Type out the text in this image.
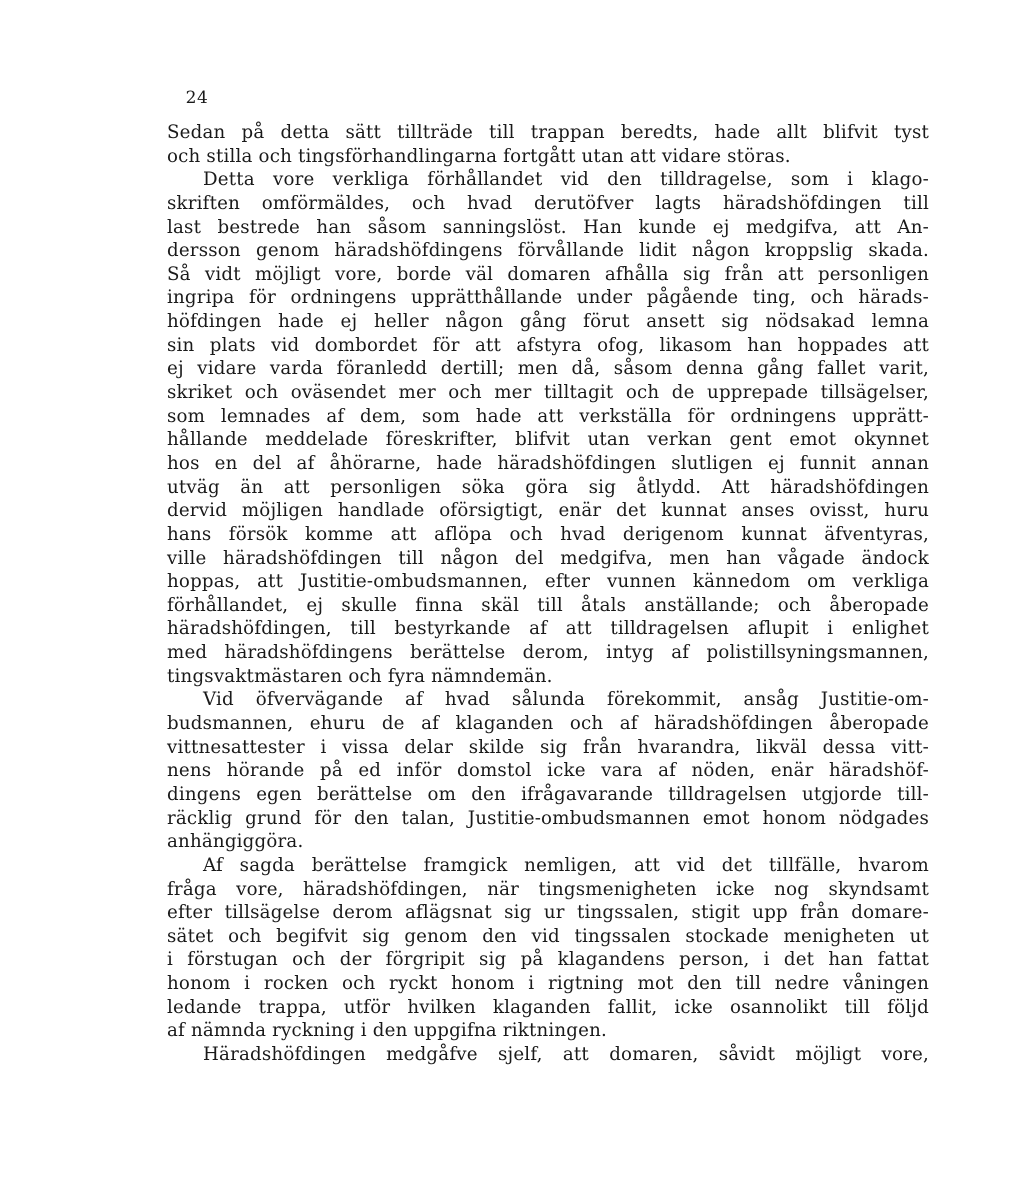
24
Sedan på detta sätt tillträde till trappan beredts, hade allt blifvit tyst
och stilla och tingsförhandlingarna fortgått utan att vidare störas.
Detta vore verkliga förhållandet vid den tilldragelse, som i klago-
skriften omförmäldes, och hvad derutöfver lagts häradshöfdingen till
last bestrede han såsom sanningslöst. Han kunde ej medgifva, att An-
dersson genom häradshöfdingens förvållande lidit någon kroppslig skada.
Så vidt möjligt vore, borde väl domaren afhålla sig från att personligen
ingripa för ordningens upprätthållande under pågående ting, och härads-
höfdingen hade ej heller någon gång förut ansett sig nödsakad lemna
sin plats vid dombordet för att afstyra ofog, likasom han hoppades att
ej vidare varda föranledd dertill; men då, såsom denna gång fallet varit,
skriket och oväsendet mer och mer tilltagit och de upprepade tillsägelser,
som lemnades af dem, som hade att verkställa för ordningens upprätt-
hållande meddelade föreskrifter, blifvit utan verkan gent emot okynnet
hos en del af åhörarne, hade häradshöfdingen slutligen ej funnit annan
utväg än att personligen söka göra sig åtlydd. Att häradshöfdingen
dervid möjligen handlade oförsigtigt, enär det kunnat anses ovisst, huru
hans försök komme att aflöpa och hvad derigenom kunnat äfventyras,
ville häradshöfdingen till någon del medgifva, men han vågade ändock
hoppas, att Justitie-ombudsmannen, efter vunnen kännedom om verkliga
förhållandet, ej skulle finna skäl till åtals anställande; och åberopade
häradshöfdingen, till bestyrkande af att tilldragelsen aflupit i enlighet
med häradshöfdingens berättelse derom, intyg af polistillsyningsmannen,
tingsvaktmästaren och fyra nämndemän.
Vid öfvervägande af hvad sålunda förekommit, ansåg Justitie-om-
budsmannen, ehuru de af klaganden och af häradshöfdingen åberopade
vittnesattester i vissa delar skilde sig från hvarandra, likväl dessa vitt-
nens hörande på ed inför domstol icke vara af nöden, enär häradshöf-
dingens egen berättelse om den ifrågavarande tilldragelsen utgjorde till-
räcklig grund för den talan, Justitie-ombudsmannen emot honom nödgades
anhängiggöra.
Af sagda berättelse framgick nemligen, att vid det tillfälle, hvarom
fråga vore, häradshöfdingen, när tingsmenigheten icke nog skyndsamt
efter tillsägelse derom aflägsnat sig ur tingssalen, stigit upp från domare-
sätet och begifvit sig genom den vid tingssalen stockade menigheten ut
i förstugan och der förgripit sig på klagandens person, i det han fattat
honom i rocken och ryckt honom i rigtning mot den till nedre våningen
ledande trappa, utför hvilken klaganden fallit, icke osannolikt till följd
af nämnda ryckning i den uppgifna riktningen.
Häradshöfdingen medgåfve sjelf, att domaren, såvidt möjligt vore,
